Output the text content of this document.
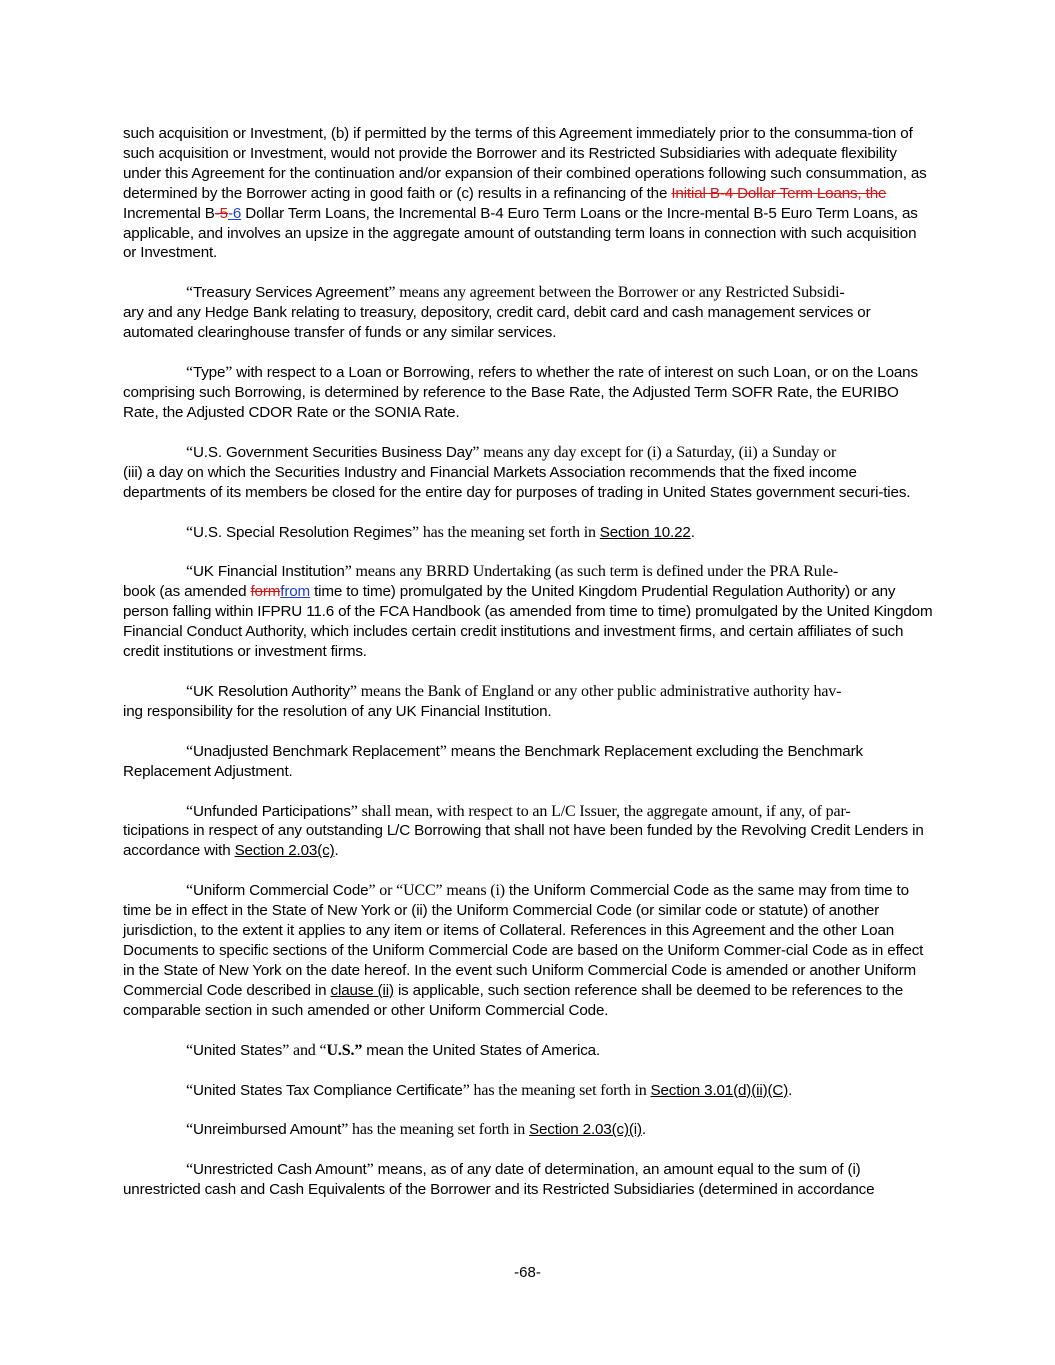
such acquisition or Investment, (b) if permitted by the terms of this Agreement immediately prior to the consumma-tion of such acquisition or Investment, would not provide the Borrower and its Restricted Subsidiaries with adequate flexibility under this Agreement for the continuation and/or expansion of their combined operations following such consummation, as determined by the Borrower acting in good faith or (c) results in a refinancing of the Initial B-4 Dollar Term Loans, the Incremental B-5-6 Dollar Term Loans, the Incremental B-4 Euro Term Loans or the Incre-mental B-5 Euro Term Loans, as applicable, and involves an upsize in the aggregate amount of outstanding term loans in connection with such acquisition or Investment.

“Treasury Services Agreement” means any agreement between the Borrower or any Restricted Subsidi-
ary and any Hedge Bank relating to treasury, depository, credit card, debit card and cash management services or automated clearinghouse transfer of funds or any similar services.

“Type” with respect to a Loan or Borrowing, refers to whether the rate of interest on such Loan, or on the Loans comprising such Borrowing, is determined by reference to the Base Rate, the Adjusted Term SOFR Rate, the EURIBO Rate, the Adjusted CDOR Rate or the SONIA Rate.

“U.S. Government Securities Business Day” means any day except for (i) a Saturday, (ii) a Sunday or
(iii) a day on which the Securities Industry and Financial Markets Association recommends that the fixed income departments of its members be closed for the entire day for purposes of trading in United States government securi-ties.

“U.S. Special Resolution Regimes” has the meaning set forth in Section 10.22.

“UK Financial Institution” means any BRRD Undertaking (as such term is defined under the PRA Rule-
book (as amended formfrom time to time) promulgated by the United Kingdom Prudential Regulation Authority) or any person falling within IFPRU 11.6 of the FCA Handbook (as amended from time to time) promulgated by the United Kingdom Financial Conduct Authority, which includes certain credit institutions and investment firms, and certain affiliates of such credit institutions or investment firms.

“UK Resolution Authority” means the Bank of England or any other public administrative authority hav-
ing responsibility for the resolution of any UK Financial Institution.

“Unadjusted Benchmark Replacement” means the Benchmark Replacement excluding the Benchmark Replacement Adjustment.

“Unfunded Participations” shall mean, with respect to an L/C Issuer, the aggregate amount, if any, of par-
ticipations in respect of any outstanding L/C Borrowing that shall not have been funded by the Revolving Credit Lenders in accordance with Section 2.03(c).

“Uniform Commercial Code” or “UCC” means (i) the Uniform Commercial Code as the same may from time to time be in effect in the State of New York or (ii) the Uniform Commercial Code (or similar code or statute) of another jurisdiction, to the extent it applies to any item or items of Collateral. References in this Agreement and the other Loan Documents to specific sections of the Uniform Commercial Code are based on the Uniform Commer-cial Code as in effect in the State of New York on the date hereof. In the event such Uniform Commercial Code is amended or another Uniform Commercial Code described in clause (ii) is applicable, such section reference shall be deemed to be references to the comparable section in such amended or other Uniform Commercial Code.

“United States” and “U.S.” mean the United States of America.

“United States Tax Compliance Certificate” has the meaning set forth in Section 3.01(d)(ii)(C).

“Unreimbursed Amount” has the meaning set forth in Section 2.03(c)(i).

“Unrestricted Cash Amount” means, as of any date of determination, an amount equal to the sum of (i) unrestricted cash and Cash Equivalents of the Borrower and its Restricted Subsidiaries (determined in accordance

-68-
